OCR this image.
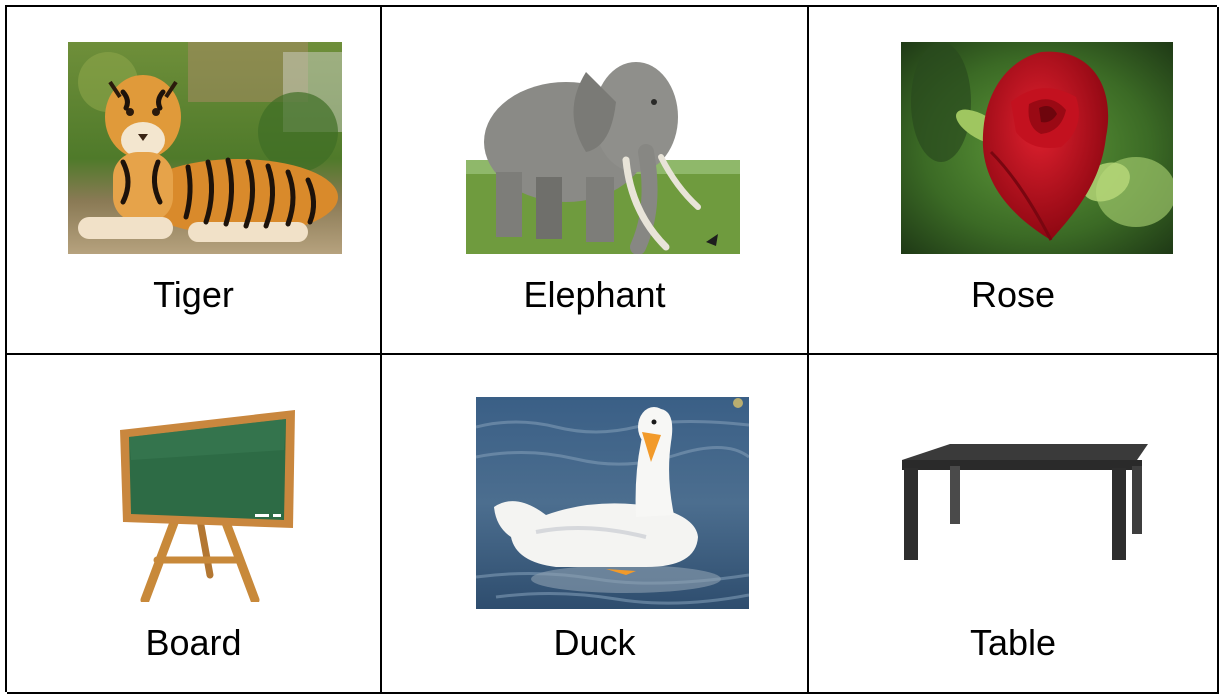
Tiger	Elephant	Rose
Board	Duck	Table
